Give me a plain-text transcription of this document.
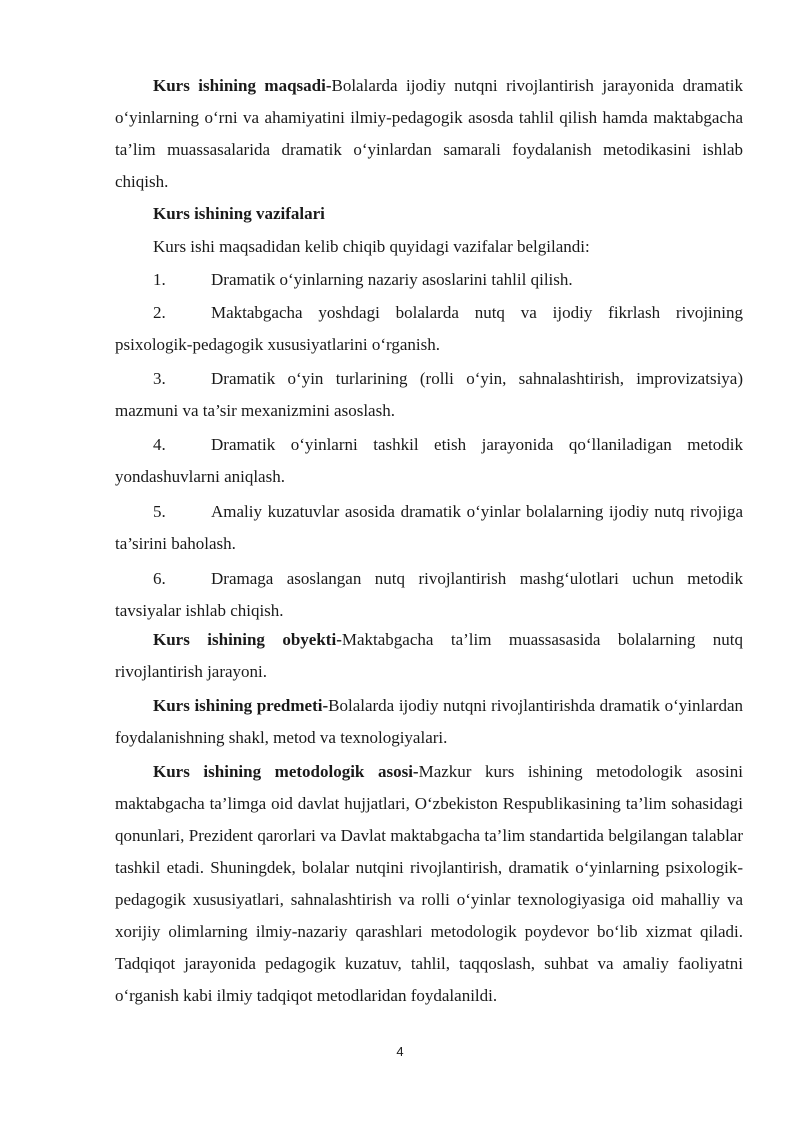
Kurs ishining maqsadi-Bolalarda ijodiy nutqni rivojlantirish jarayonida dramatik o‘yinlarning o‘rni va ahamiyatini ilmiy-pedagogik asosda tahlil qilish hamda maktabgacha ta’lim muassasalarida dramatik o‘yinlardan samarali foydalanish metodikasini ishlab chiqish.

Kurs ishining vazifalari

Kurs ishi maqsadidan kelib chiqib quyidagi vazifalar belgilandi:

1.	Dramatik o‘yinlarning nazariy asoslarini tahlil qilish.

2.	Maktabgacha yoshdagi bolalarda nutq va ijodiy fikrlash rivojining psixologik-pedagogik xususiyatlarini o‘rganish.

3.	Dramatik o‘yin turlarining (rolli o‘yin, sahnalashtirish, improvizatsiya) mazmuni va ta’sir mexanizmini asoslash.

4.	Dramatik o‘yinlarni tashkil etish jarayonida qo‘llaniladigan metodik yondashuvlarni aniqlash.

5.	Amaliy kuzatuvlar asosida dramatik o‘yinlar bolalarning ijodiy nutq rivojiga ta’sirini baholash.

6.	Dramaga asoslangan nutq rivojlantirish mashg‘ulotlari uchun metodik tavsiyalar ishlab chiqish.

Kurs ishining obyekti-Maktabgacha ta’lim muassasasida bolalarning nutq rivojlantirish jarayoni.

Kurs ishining predmeti-Bolalarda ijodiy nutqni rivojlantirishda dramatik o‘yinlardan foydalanishning shakl, metod va texnologiyalari.

Kurs ishining metodologik asosi-Mazkur kurs ishining metodologik asosini maktabgacha ta’limga oid davlat hujjatlari, O‘zbekiston Respublikasining ta’lim sohasidagi qonunlari, Prezident qarorlari va Davlat maktabgacha ta’lim standartida belgilangan talablar tashkil etadi. Shuningdek, bolalar nutqini rivojlantirish, dramatik o‘yinlarning psixologik-pedagogik xususiyatlari, sahnalashtirish va rolli o‘yinlar texnologiyasiga oid mahalliy va xorijiy olimlarning ilmiy-nazariy qarashlari metodologik poydevor bo‘lib xizmat qiladi. Tadqiqot jarayonida pedagogik kuzatuv, tahlil, taqqoslash, suhbat va amaliy faoliyatni o‘rganish kabi ilmiy tadqiqot metodlaridan foydalanildi.

4
